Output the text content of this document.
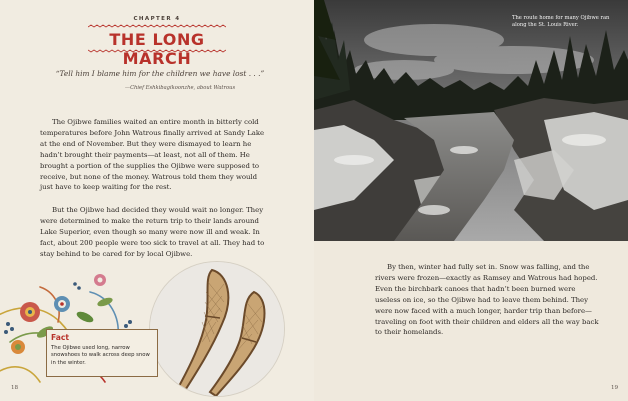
CHAPTER 4
THE LONG MARCH
“Tell him I blame him for the children we have lost . . .”
—Chief Eshkibagikoonzhe, about Watrous

The Ojibwe families waited an entire month in bitterly cold temperatures before John Watrous finally arrived at Sandy Lake at the end of November. But they were dismayed to learn he hadn’t brought their payments—at least, not all of them. He brought a portion of the supplies the Ojibwe were supposed to receive, but none of the money. Watrous told them they would just have to keep waiting for the rest.

But the Ojibwe had decided they would wait no longer. They were determined to make the return trip to their lands around Lake Superior, even though so many were now ill and weak. In fact, about 200 people were too sick to travel at all. They had to stay behind to be cared for by local Ojibwe.

Fact
The Ojibwe used long, narrow snowshoes to walk across deep snow in the winter.
18
The route home for many Ojibwe ran along the St. Louis River.

By then, winter had fully set in. Snow was falling, and the rivers were frozen—exactly as Ramsey and Watrous had hoped. Even the birchbark canoes that hadn’t been burned were useless on ice, so the Ojibwe had to leave them behind. They were now faced with a much longer, harder trip than before—traveling on foot with their children and elders all the way back to their homelands.

19
